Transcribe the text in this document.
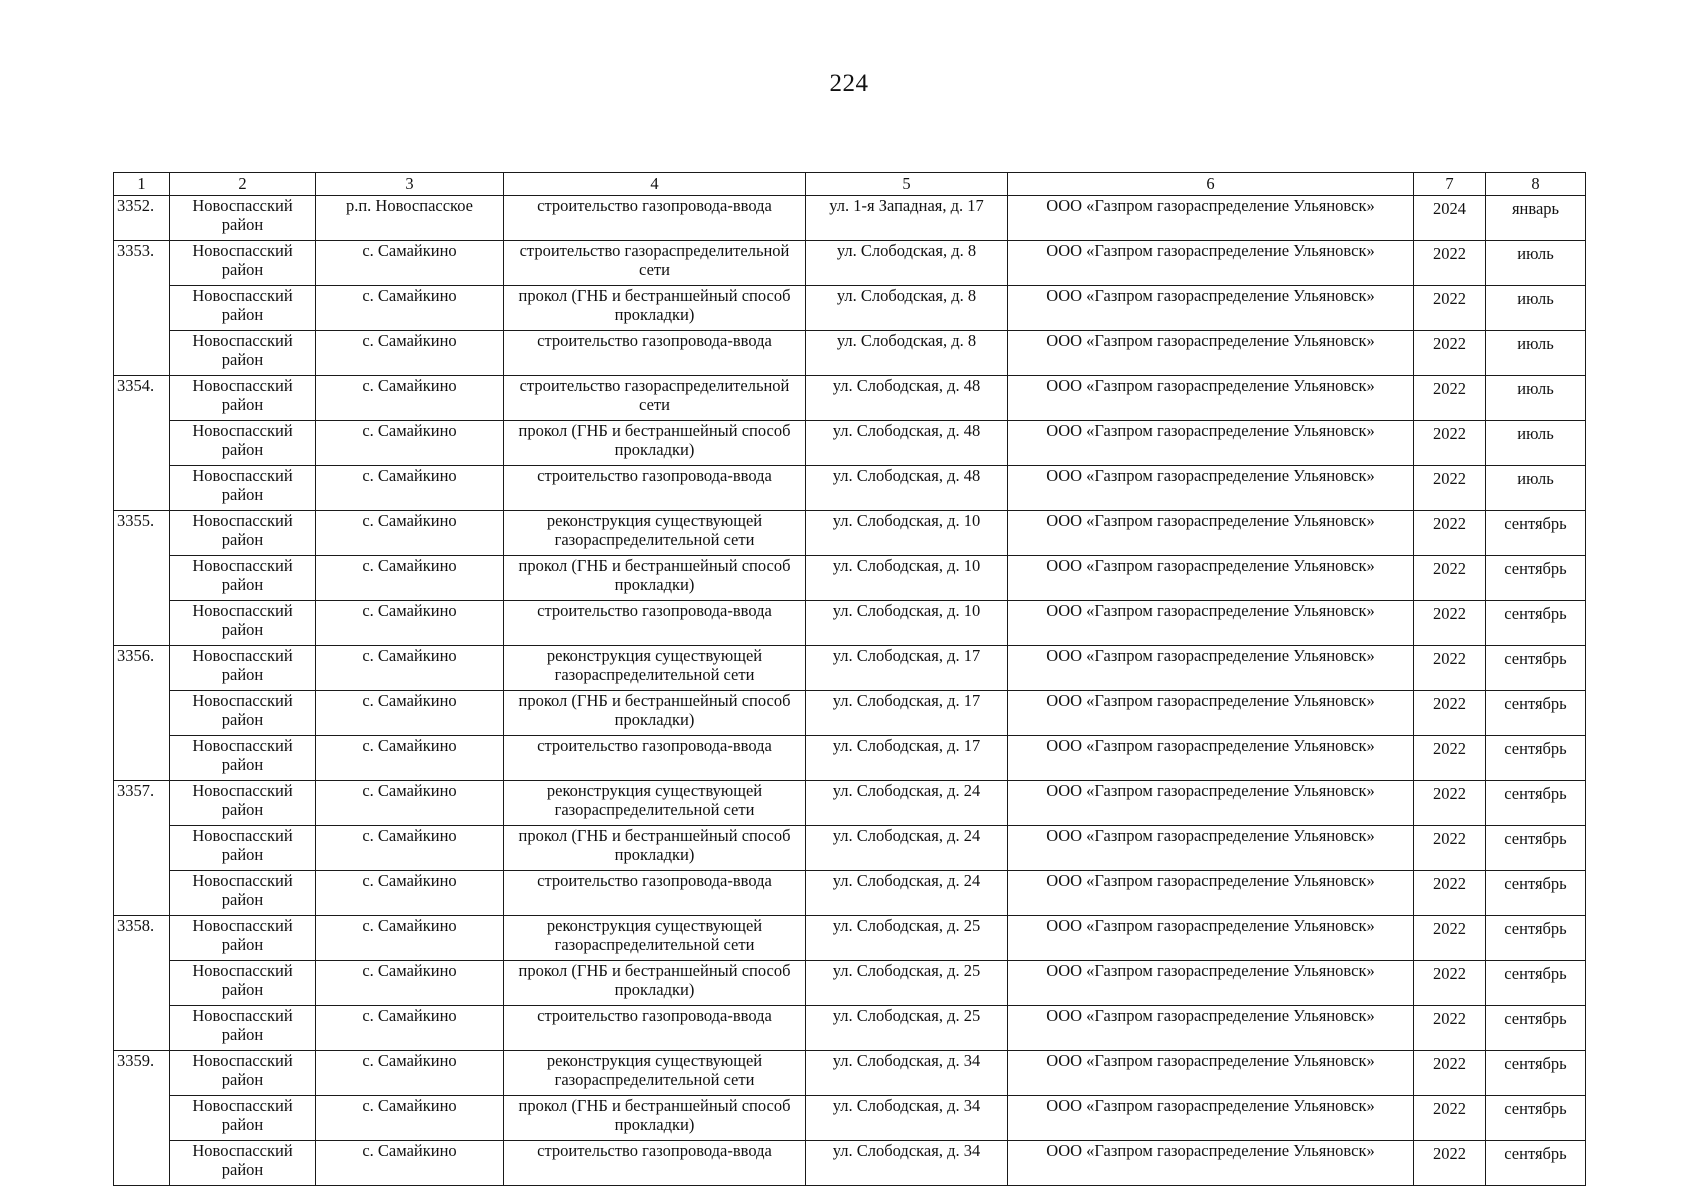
224
1	2	3	4	5	6	7	8
3352.	Новоспасский район	р.п. Новоспасское	строительство газопровода-ввода	ул. 1-я Западная, д. 17	ООО «Газпром газораспределение Ульяновск»	2024	январь
3353.	Новоспасский район	с. Самайкино	строительство газораспределительной сети	ул. Слободская, д. 8	ООО «Газпром газораспределение Ульяновск»	2022	июль
	Новоспасский район	с. Самайкино	прокол (ГНБ и бестраншейный способ прокладки)	ул. Слободская, д. 8	ООО «Газпром газораспределение Ульяновск»	2022	июль
	Новоспасский район	с. Самайкино	строительство газопровода-ввода	ул. Слободская, д. 8	ООО «Газпром газораспределение Ульяновск»	2022	июль
3354.	Новоспасский район	с. Самайкино	строительство газораспределительной сети	ул. Слободская, д. 48	ООО «Газпром газораспределение Ульяновск»	2022	июль
	Новоспасский район	с. Самайкино	прокол (ГНБ и бестраншейный способ прокладки)	ул. Слободская, д. 48	ООО «Газпром газораспределение Ульяновск»	2022	июль
	Новоспасский район	с. Самайкино	строительство газопровода-ввода	ул. Слободская, д. 48	ООО «Газпром газораспределение Ульяновск»	2022	июль
3355.	Новоспасский район	с. Самайкино	реконструкция существующей газораспределительной сети	ул. Слободская, д. 10	ООО «Газпром газораспределение Ульяновск»	2022	сентябрь
	Новоспасский район	с. Самайкино	прокол (ГНБ и бестраншейный способ прокладки)	ул. Слободская, д. 10	ООО «Газпром газораспределение Ульяновск»	2022	сентябрь
	Новоспасский район	с. Самайкино	строительство газопровода-ввода	ул. Слободская, д. 10	ООО «Газпром газораспределение Ульяновск»	2022	сентябрь
3356.	Новоспасский район	с. Самайкино	реконструкция существующей газораспределительной сети	ул. Слободская, д. 17	ООО «Газпром газораспределение Ульяновск»	2022	сентябрь
	Новоспасский район	с. Самайкино	прокол (ГНБ и бестраншейный способ прокладки)	ул. Слободская, д. 17	ООО «Газпром газораспределение Ульяновск»	2022	сентябрь
	Новоспасский район	с. Самайкино	строительство газопровода-ввода	ул. Слободская, д. 17	ООО «Газпром газораспределение Ульяновск»	2022	сентябрь
3357.	Новоспасский район	с. Самайкино	реконструкция существующей газораспределительной сети	ул. Слободская, д. 24	ООО «Газпром газораспределение Ульяновск»	2022	сентябрь
	Новоспасский район	с. Самайкино	прокол (ГНБ и бестраншейный способ прокладки)	ул. Слободская, д. 24	ООО «Газпром газораспределение Ульяновск»	2022	сентябрь
	Новоспасский район	с. Самайкино	строительство газопровода-ввода	ул. Слободская, д. 24	ООО «Газпром газораспределение Ульяновск»	2022	сентябрь
3358.	Новоспасский район	с. Самайкино	реконструкция существующей газораспределительной сети	ул. Слободская, д. 25	ООО «Газпром газораспределение Ульяновск»	2022	сентябрь
	Новоспасский район	с. Самайкино	прокол (ГНБ и бестраншейный способ прокладки)	ул. Слободская, д. 25	ООО «Газпром газораспределение Ульяновск»	2022	сентябрь
	Новоспасский район	с. Самайкино	строительство газопровода-ввода	ул. Слободская, д. 25	ООО «Газпром газораспределение Ульяновск»	2022	сентябрь
3359.	Новоспасский район	с. Самайкино	реконструкция существующей газораспределительной сети	ул. Слободская, д. 34	ООО «Газпром газораспределение Ульяновск»	2022	сентябрь
	Новоспасский район	с. Самайкино	прокол (ГНБ и бестраншейный способ прокладки)	ул. Слободская, д. 34	ООО «Газпром газораспределение Ульяновск»	2022	сентябрь
	Новоспасский район	с. Самайкино	строительство газопровода-ввода	ул. Слободская, д. 34	ООО «Газпром газораспределение Ульяновск»	2022	сентябрь
